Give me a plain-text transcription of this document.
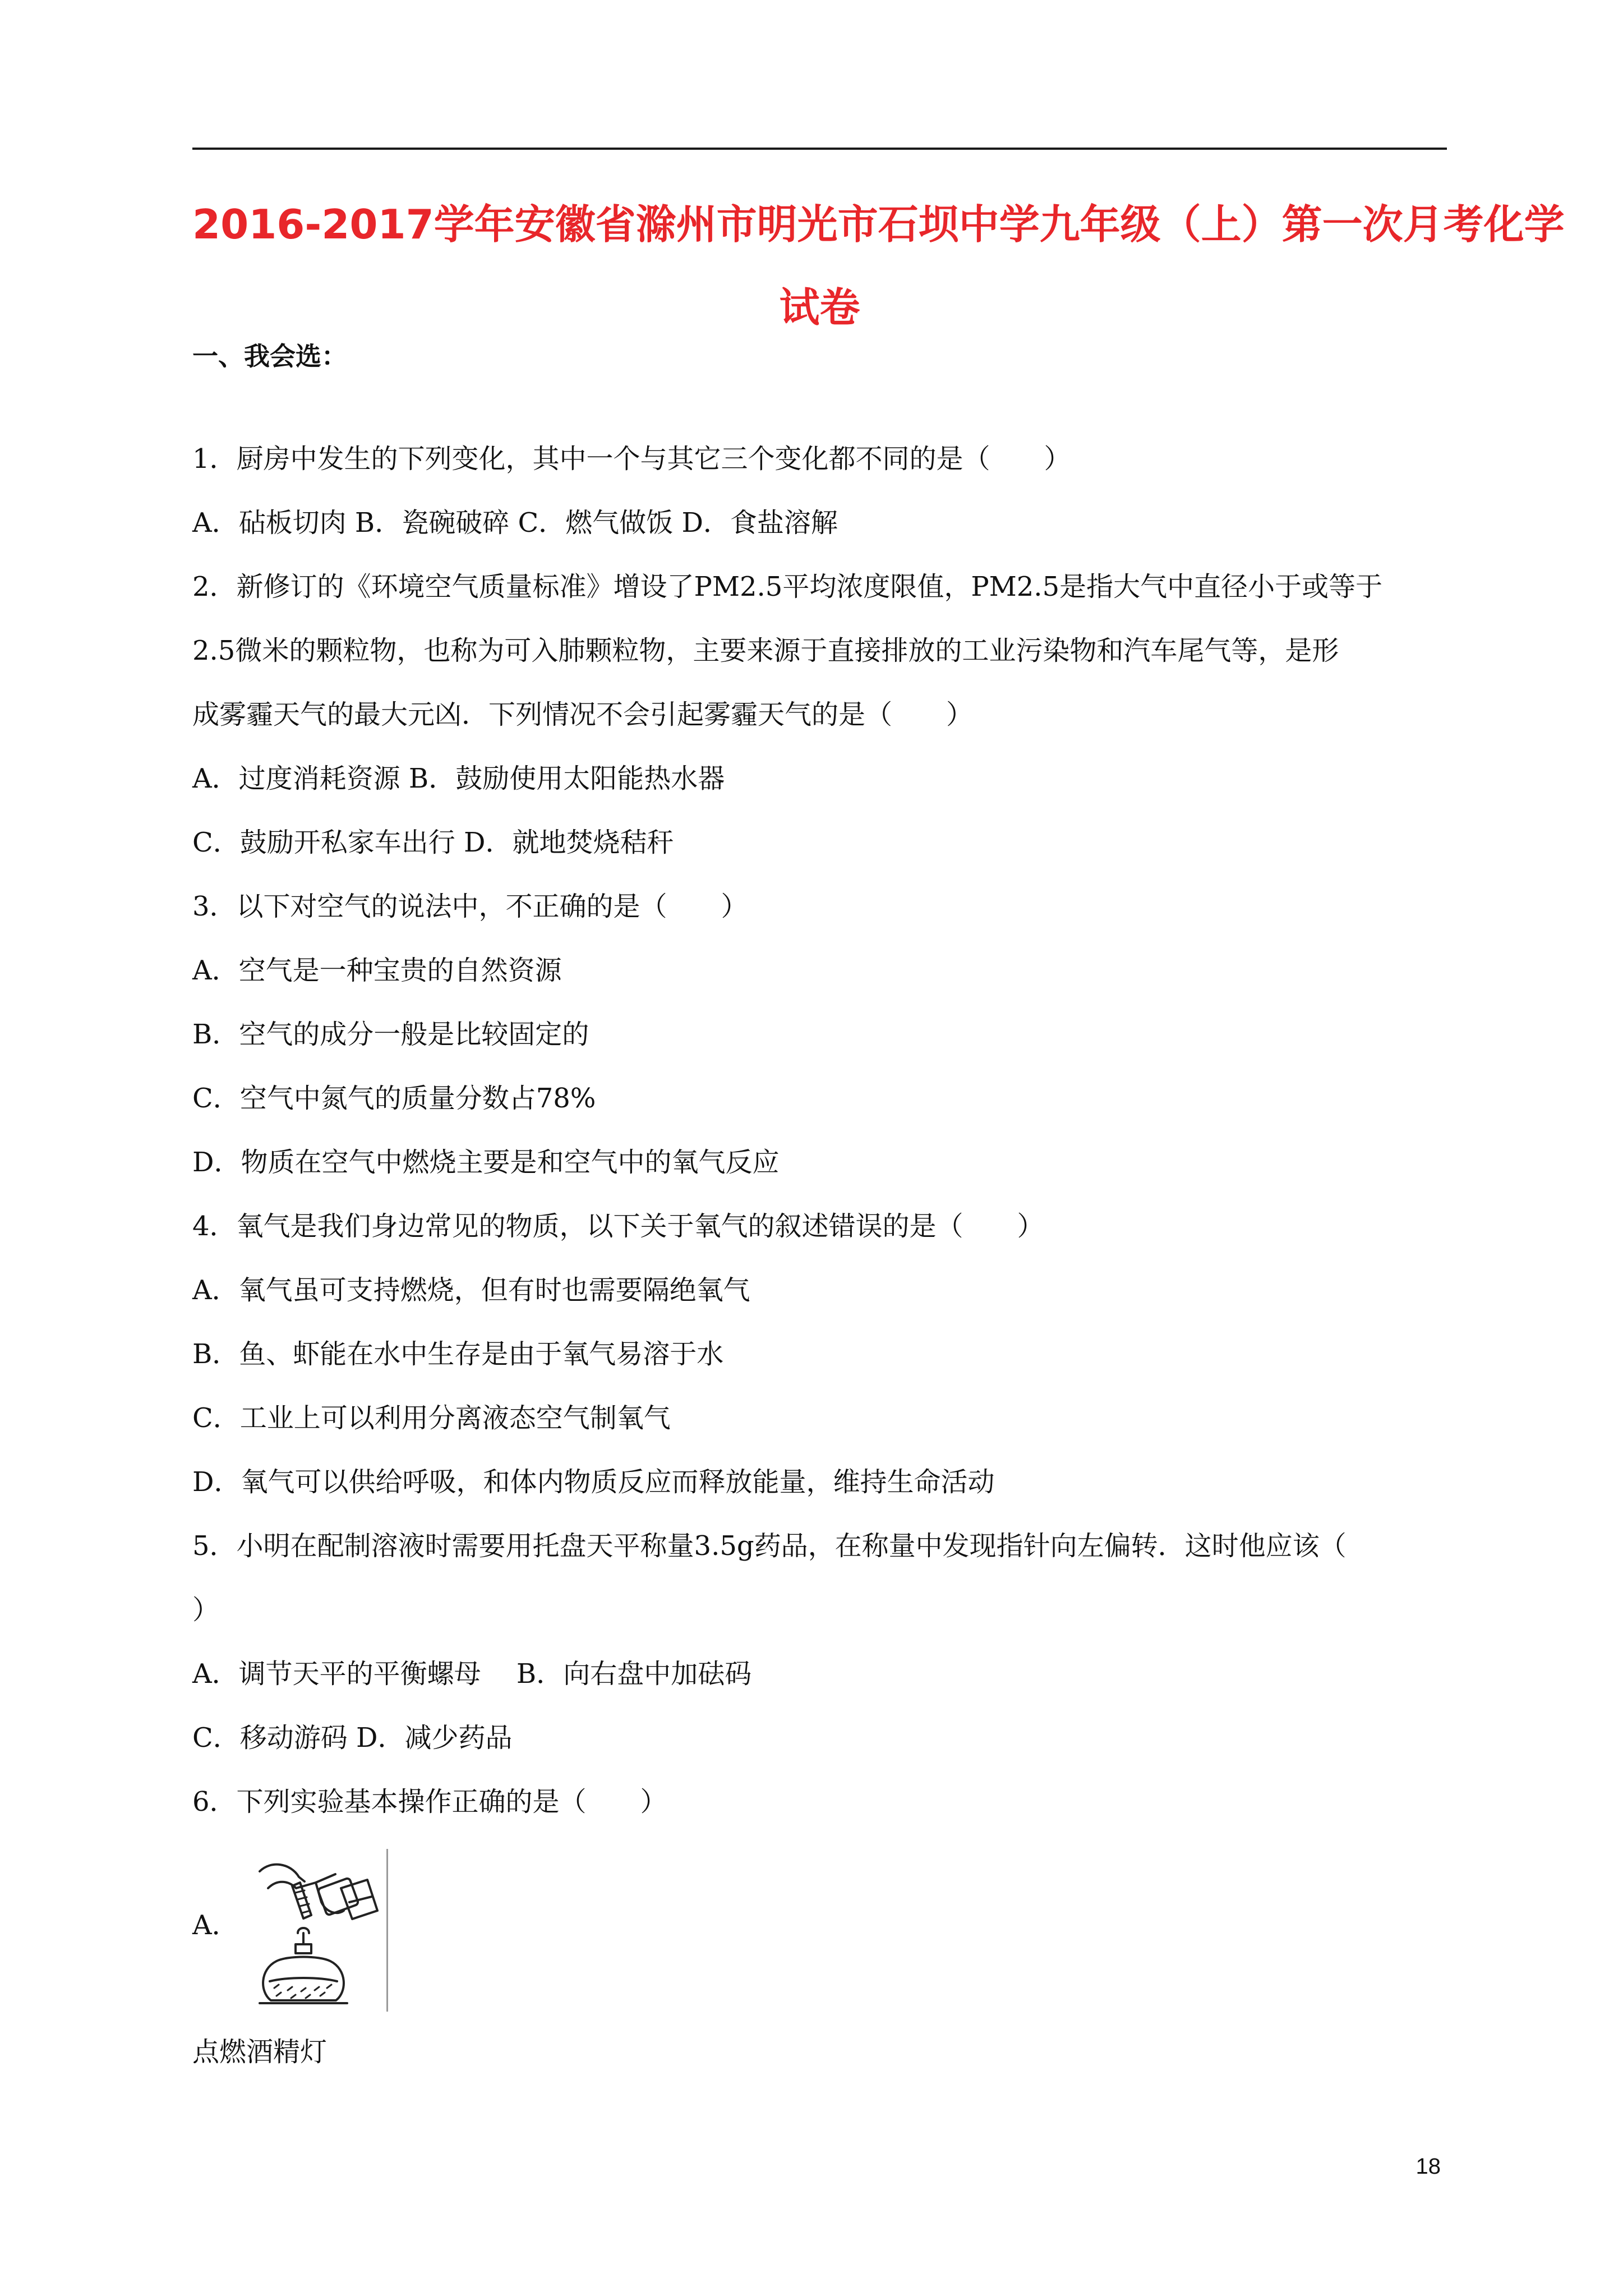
2016-2017学年安徽省滁州市明光市石坝中学九年级（上）第一次月考化学
试卷
一、我会选：
1．厨房中发生的下列变化，其中一个与其它三个变化都不同的是（　　）
A．砧板切肉 B．瓷碗破碎 C．燃气做饭 D．食盐溶解
2．新修订的《环境空气质量标准》增设了PM2.5平均浓度限值，PM2.5是指大气中直径小于或等于
2.5微米的颗粒物，也称为可入肺颗粒物，主要来源于直接排放的工业污染物和汽车尾气等，是形
成雾霾天气的最大元凶．下列情况不会引起雾霾天气的是（　　）
A．过度消耗资源 B．鼓励使用太阳能热水器
C．鼓励开私家车出行 D．就地焚烧秸秆
3．以下对空气的说法中，不正确的是（　　）
A．空气是一种宝贵的自然资源
B．空气的成分一般是比较固定的
C．空气中氮气的质量分数占78%
D．物质在空气中燃烧主要是和空气中的氧气反应
4．氧气是我们身边常见的物质，以下关于氧气的叙述错误的是（　　）
A．氧气虽可支持燃烧，但有时也需要隔绝氧气
B．鱼、虾能在水中生存是由于氧气易溶于水
C．工业上可以利用分离液态空气制氧气
D．氧气可以供给呼吸，和体内物质反应而释放能量，维持生命活动
5．小明在配制溶液时需要用托盘天平称量3.5g药品，在称量中发现指针向左偏转．这时他应该（
）
A．调节天平的平衡螺母　 B．向右盘中加砝码
C．移动游码 D．减少药品
6．下列实验基本操作正确的是（　　）
A．
点燃酒精灯
18
